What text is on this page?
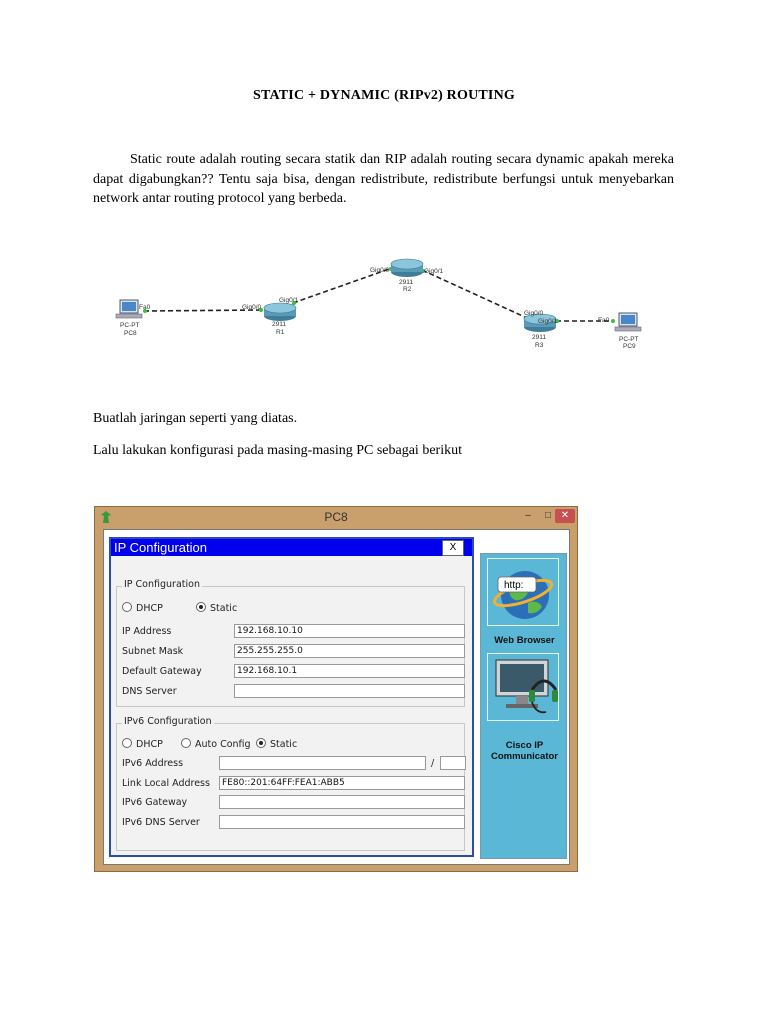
STATIC + DYNAMIC (RIPv2) ROUTING
Static route adalah routing secara statik dan RIP adalah routing secara dynamic apakah mereka dapat digabungkan?? Tentu saja bisa, dengan redistribute, redistribute berfungsi untuk menyebarkan network antar routing protocol yang berbeda.
PC-PT
PC8
Fa0	Gig0/0
Gig0/1
2911
R1
Gig0/0	Gig0/1
2911
R2
Gig0/0
Gig0/1
2911
R3
Fa0
PC-PT
PC9
Buatlah jaringan seperti yang diatas.
Lalu lakukan konfigurasi pada masing-masing PC sebagai berikut
PC8	–	□ ✕
IP Configuration	X
IP Configuration
DHCP	Static
IP Address	192.168.10.10
Subnet Mask	255.255.255.0
Default Gateway	192.168.10.1
DNS Server
IPv6 Configuration
DHCP	Auto Config	Static
IPv6 Address	/
Link Local Address	FE80::201:64FF:FEA1:ABB5
IPv6 Gateway
IPv6 DNS Server
http:
Web Browser
Cisco IP
Communicator
